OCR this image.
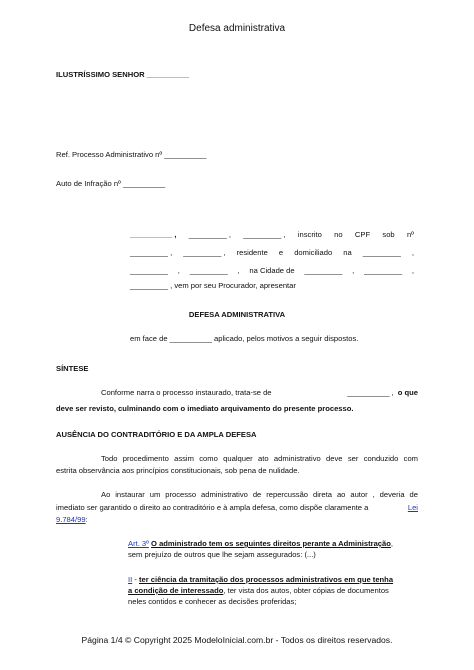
Defesa administrativa
ILUSTRÍSSIMO SENHOR __________
Ref. Processo Administrativo nº __________
Auto de Infração nº __________
__________ , _________ , _________ , inscrito no CPF sob nº
_________ , _________ , residente e domiciliado na _________ ,
_________ , _________ , na Cidade de _________ , _________ ,
_________ , vem por seu Procurador, apresentar
DEFESA ADMINISTRATIVA
em face de __________ aplicado, pelos motivos a seguir dispostos.
SÍNTESE
Conforme narra o processo instaurado, trata-se de	__________ , o que
deve ser revisto, culminando com o imediato arquivamento do presente processo.
AUSÊNCIA DO CONTRADITÓRIO E DA AMPLA DEFESA
Todo procedimento assim como qualquer ato administrativo deve ser conduzido com
estrita observância aos princípios constitucionais, sob pena de nulidade.
Ao instaurar um processo administrativo de repercussão direta ao autor , deveria de
imediato ser garantido o direito ao contraditório e à ampla defesa, como dispõe claramente a	Lei
9.784/99:
Art. 3º O administrado tem os seguintes direitos perante a Administração,
sem prejuízo de outros que lhe sejam assegurados: (...)
II - ter ciência da tramitação dos processos administrativos em que tenha
a condição de interessado, ter vista dos autos, obter cópias de documentos
neles contidos e conhecer as decisões proferidas;
Página 1/4 © Copyright 2025 ModeloInicial.com.br - Todos os direitos reservados.
